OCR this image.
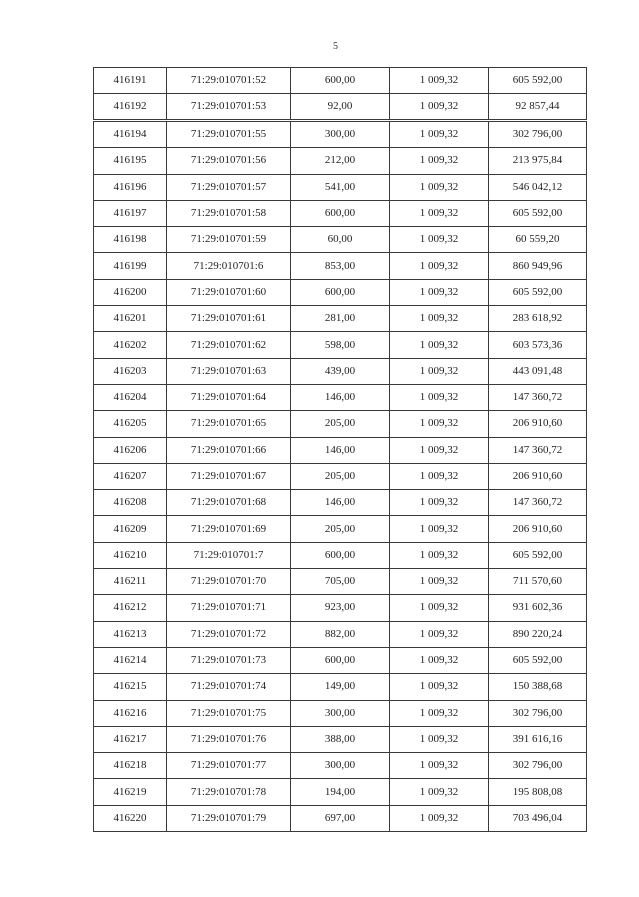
5
416191	71:29:010701:52	600,00	1 009,32	605 592,00
416192	71:29:010701:53	92,00	1 009,32	92 857,44
416194	71:29:010701:55	300,00	1 009,32	302 796,00
416195	71:29:010701:56	212,00	1 009,32	213 975,84
416196	71:29:010701:57	541,00	1 009,32	546 042,12
416197	71:29:010701:58	600,00	1 009,32	605 592,00
416198	71:29:010701:59	60,00	1 009,32	60 559,20
416199	71:29:010701:6	853,00	1 009,32	860 949,96
416200	71:29:010701:60	600,00	1 009,32	605 592,00
416201	71:29:010701:61	281,00	1 009,32	283 618,92
416202	71:29:010701:62	598,00	1 009,32	603 573,36
416203	71:29:010701:63	439,00	1 009,32	443 091,48
416204	71:29:010701:64	146,00	1 009,32	147 360,72
416205	71:29:010701:65	205,00	1 009,32	206 910,60
416206	71:29:010701:66	146,00	1 009,32	147 360,72
416207	71:29:010701:67	205,00	1 009,32	206 910,60
416208	71:29:010701:68	146,00	1 009,32	147 360,72
416209	71:29:010701:69	205,00	1 009,32	206 910,60
416210	71:29:010701:7	600,00	1 009,32	605 592,00
416211	71:29:010701:70	705,00	1 009,32	711 570,60
416212	71:29:010701:71	923,00	1 009,32	931 602,36
416213	71:29:010701:72	882,00	1 009,32	890 220,24
416214	71:29:010701:73	600,00	1 009,32	605 592,00
416215	71:29:010701:74	149,00	1 009,32	150 388,68
416216	71:29:010701:75	300,00	1 009,32	302 796,00
416217	71:29:010701:76	388,00	1 009,32	391 616,16
416218	71:29:010701:77	300,00	1 009,32	302 796,00
416219	71:29:010701:78	194,00	1 009,32	195 808,08
416220	71:29:010701:79	697,00	1 009,32	703 496,04
